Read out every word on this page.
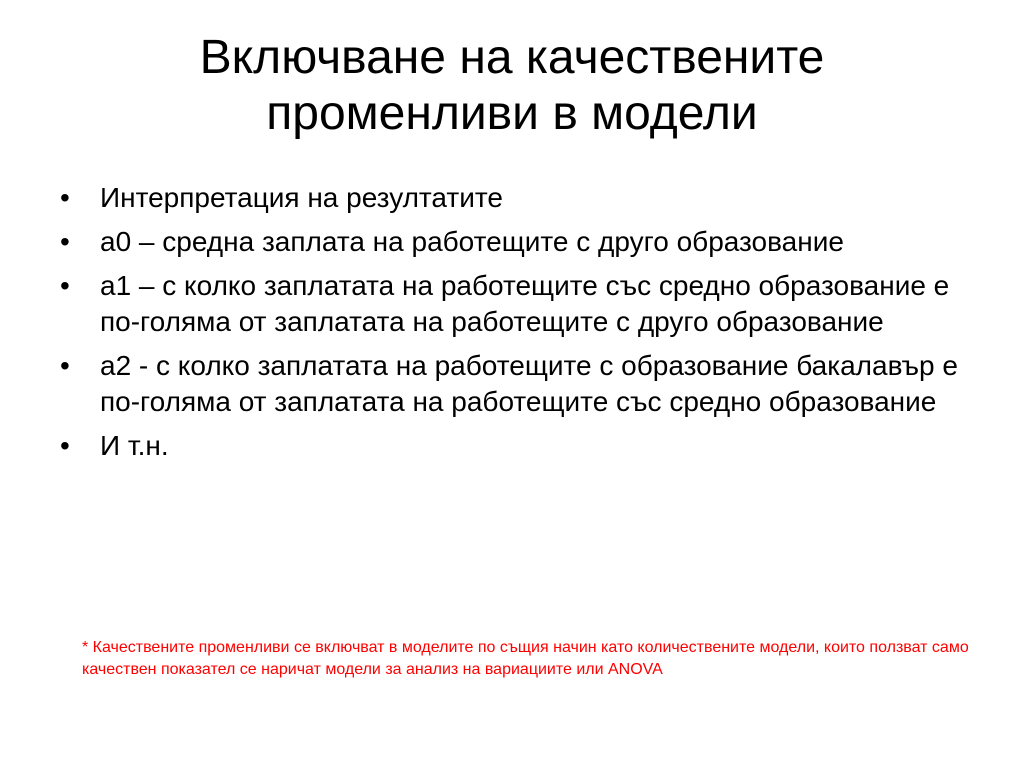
Включване на качествените променливи в модели
•	Интерпретация на резултатите
•	a0 – средна заплата на работещите с друго образование
•	a1 – с колко заплатата на работещите със средно образование е по-голяма от заплатата на работещите с друго образование
•	a2 - с колко заплатата на работещите с образование бакалавър е по-голяма от заплатата на работещите със средно образование
•	И т.н.

* Качествените променливи се включват в моделите по същия начин като количествените модели, които ползват само качествен показател се наричат модели за анализ на вариациите или ANOVA
